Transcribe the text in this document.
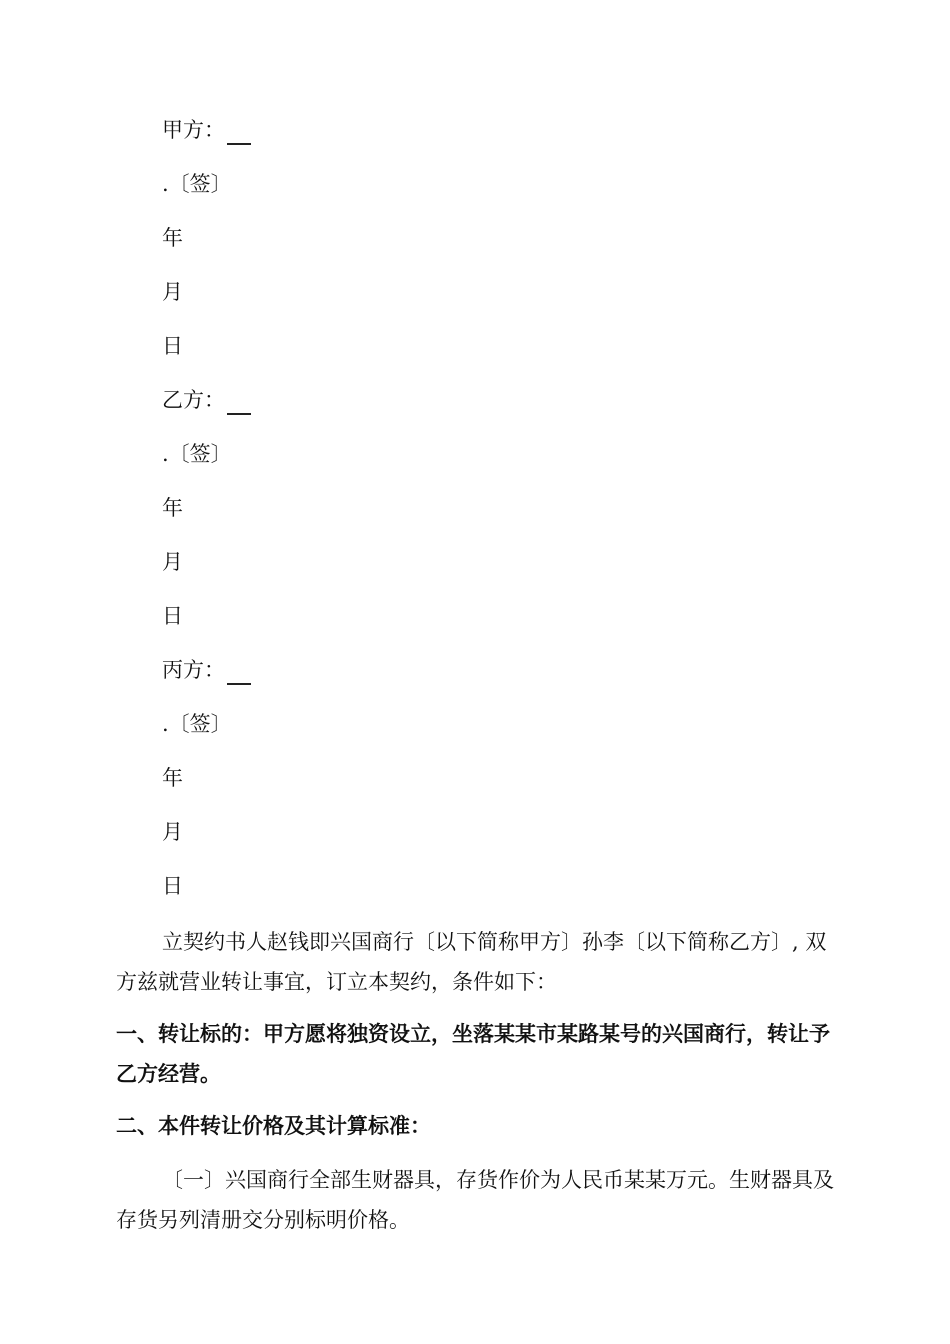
甲方：
.〔签〕
年
月
日
乙方：
.〔签〕
年
月
日
丙方：
.〔签〕
年
月
日
立契约书人赵钱即兴国商行〔以下简称甲方〕孙李〔以下简称乙方〕, 双方兹就营业转让事宜，订立本契约，条件如下：
一、转让标的：甲方愿将独资设立，坐落某某市某路某号的兴国商行，转让予乙方经营。
二、本件转让价格及其计算标准：
〔一〕兴国商行全部生财器具，存货作价为人民币某某万元。生财器具及存货另列清册交分别标明价格。
